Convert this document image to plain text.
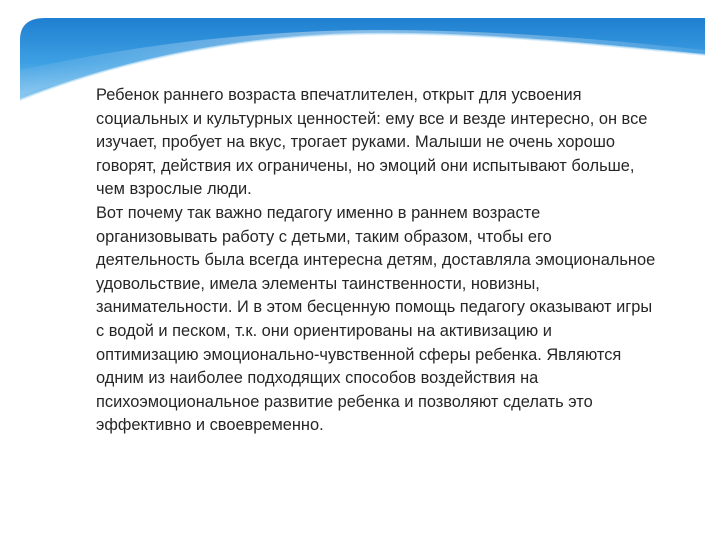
Ребенок раннего возраста впечатлителен, открыт для усвоения социальных и культурных ценностей: ему все и везде интересно, он все изучает, пробует на вкус, трогает руками. Малыши не очень хорошо говорят, действия их ограничены, но эмоций они испытывают больше, чем взрослые люди.

Вот почему так важно педагогу именно в раннем возрасте организовывать работу с детьми, таким образом, чтобы его деятельность была всегда интересна детям, доставляла эмоциональное удовольствие, имела элементы таинственности, новизны, занимательности. И в этом бесценную помощь педагогу оказывают игры с водой и песком, т.к. они ориентированы на активизацию и оптимизацию эмоционально-чувственной сферы ребенка. Являются одним из наиболее подходящих способов воздействия на психоэмоциональное развитие ребенка и позволяют сделать это эффективно и своевременно.
